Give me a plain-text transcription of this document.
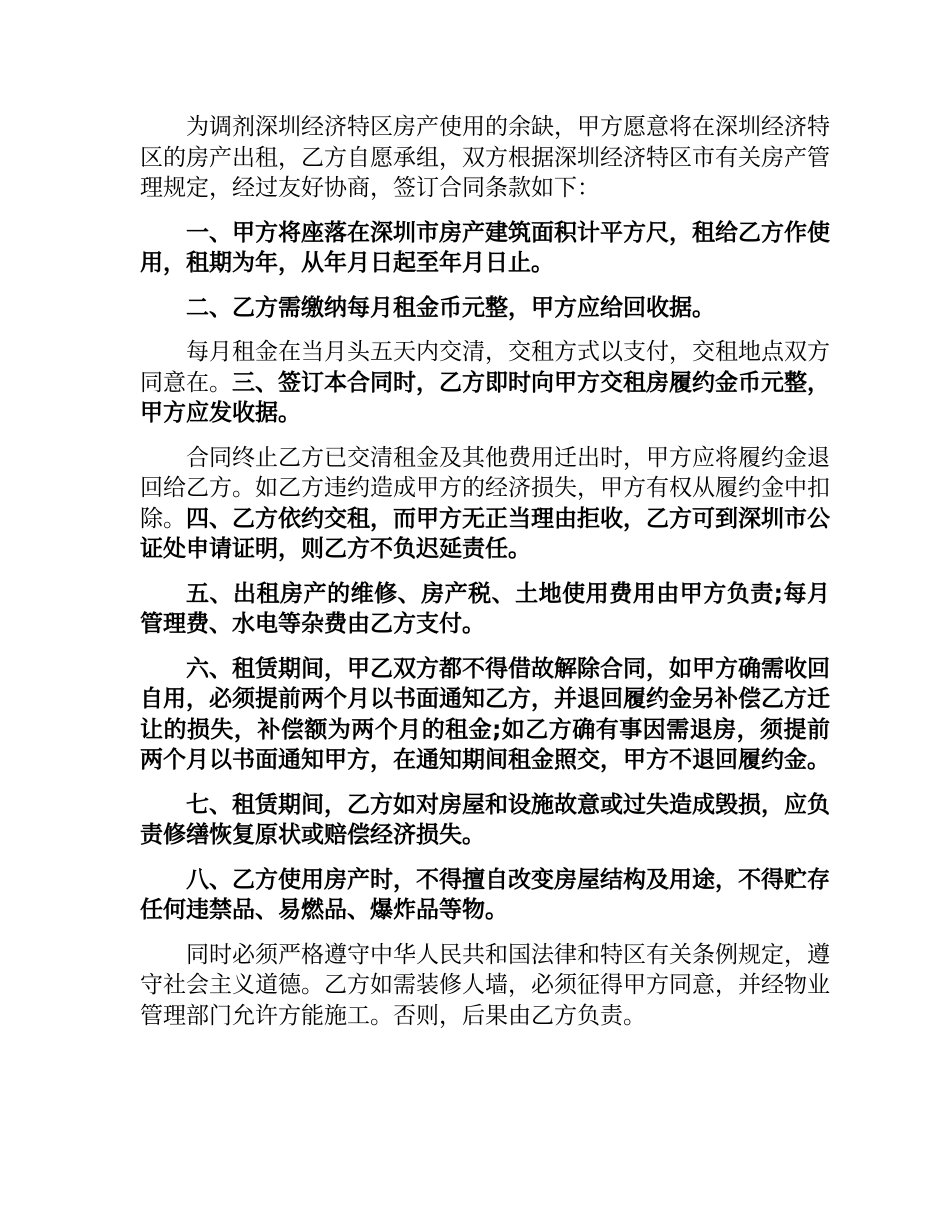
为调剂深圳经济特区房产使用的余缺，甲方愿意将在深圳经济特区的房产出租，乙方自愿承组，双方根据深圳经济特区市有关房产管理规定，经过友好协商，签订合同条款如下：

一、甲方将座落在深圳市房产建筑面积计平方尺，租给乙方作使用，租期为年，从年月日起至年月日止。

二、乙方需缴纳每月租金币元整，甲方应给回收据。

每月租金在当月头五天内交清，交租方式以支付，交租地点双方同意在。三、签订本合同时，乙方即时向甲方交租房履约金币元整，甲方应发收据。

合同终止乙方已交清租金及其他费用迁出时，甲方应将履约金退回给乙方。如乙方违约造成甲方的经济损失，甲方有权从履约金中扣除。四、乙方依约交租，而甲方无正当理由拒收，乙方可到深圳市公证处申请证明，则乙方不负迟延责任。

五、出租房产的维修、房产税、土地使用费用由甲方负责;每月管理费、水电等杂费由乙方支付。

六、租赁期间，甲乙双方都不得借故解除合同，如甲方确需收回自用，必须提前两个月以书面通知乙方，并退回履约金另补偿乙方迁让的损失，补偿额为两个月的租金;如乙方确有事因需退房，须提前两个月以书面通知甲方，在通知期间租金照交，甲方不退回履约金。

七、租赁期间，乙方如对房屋和设施故意或过失造成毁损，应负责修缮恢复原状或赔偿经济损失。

八、乙方使用房产时，不得擅自改变房屋结构及用途，不得贮存任何违禁品、易燃品、爆炸品等物。

同时必须严格遵守中华人民共和国法律和特区有关条例规定，遵守社会主义道德。乙方如需装修人墙，必须征得甲方同意，并经物业管理部门允许方能施工。否则，后果由乙方负责。
